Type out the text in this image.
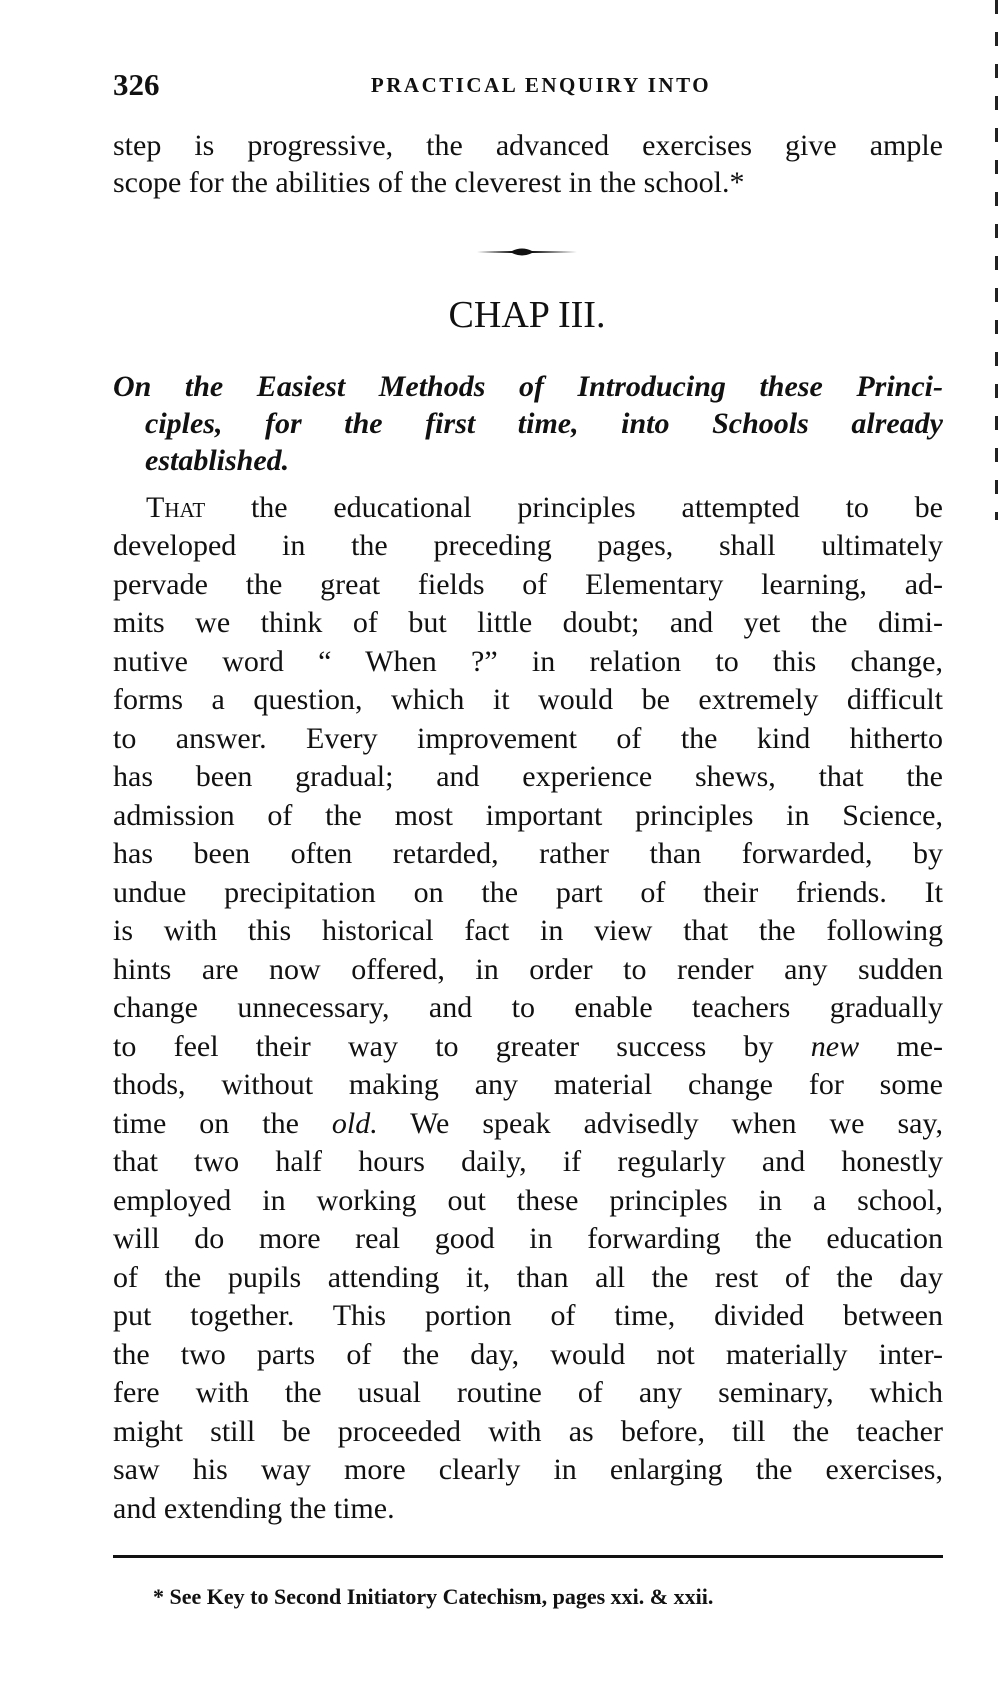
326	PRACTICAL ENQUIRY INTO
step is progressive, the advanced exercises give ample
scope for the abilities of the cleverest in the school.*
CHAP III.
On the Easiest Methods of Introducing these Princi-
ciples, for the first time, into Schools already
established.
That the educational principles attempted to be
developed in the preceding pages, shall ultimately
pervade the great fields of Elementary learning, ad-
mits we think of but little doubt; and yet the dimi-
nutive word “ When ?” in relation to this change,
forms a question, which it would be extremely difficult
to answer. Every improvement of the kind hitherto
has been gradual; and experience shews, that the
admission of the most important principles in Science,
has been often retarded, rather than forwarded, by
undue precipitation on the part of their friends. It
is with this historical fact in view that the following
hints are now offered, in order to render any sudden
change unnecessary, and to enable teachers gradually
to feel their way to greater success by new me-
thods, without making any material change for some
time on the old. We speak advisedly when we say,
that two half hours daily, if regularly and honestly
employed in working out these principles in a school,
will do more real good in forwarding the education
of the pupils attending it, than all the rest of the day
put together. This portion of time, divided between
the two parts of the day, would not materially inter-
fere with the usual routine of any seminary, which
might still be proceeded with as before, till the teacher
saw his way more clearly in enlarging the exercises,
and extending the time.
* See Key to Second Initiatory Catechism, pages xxi. & xxii.
